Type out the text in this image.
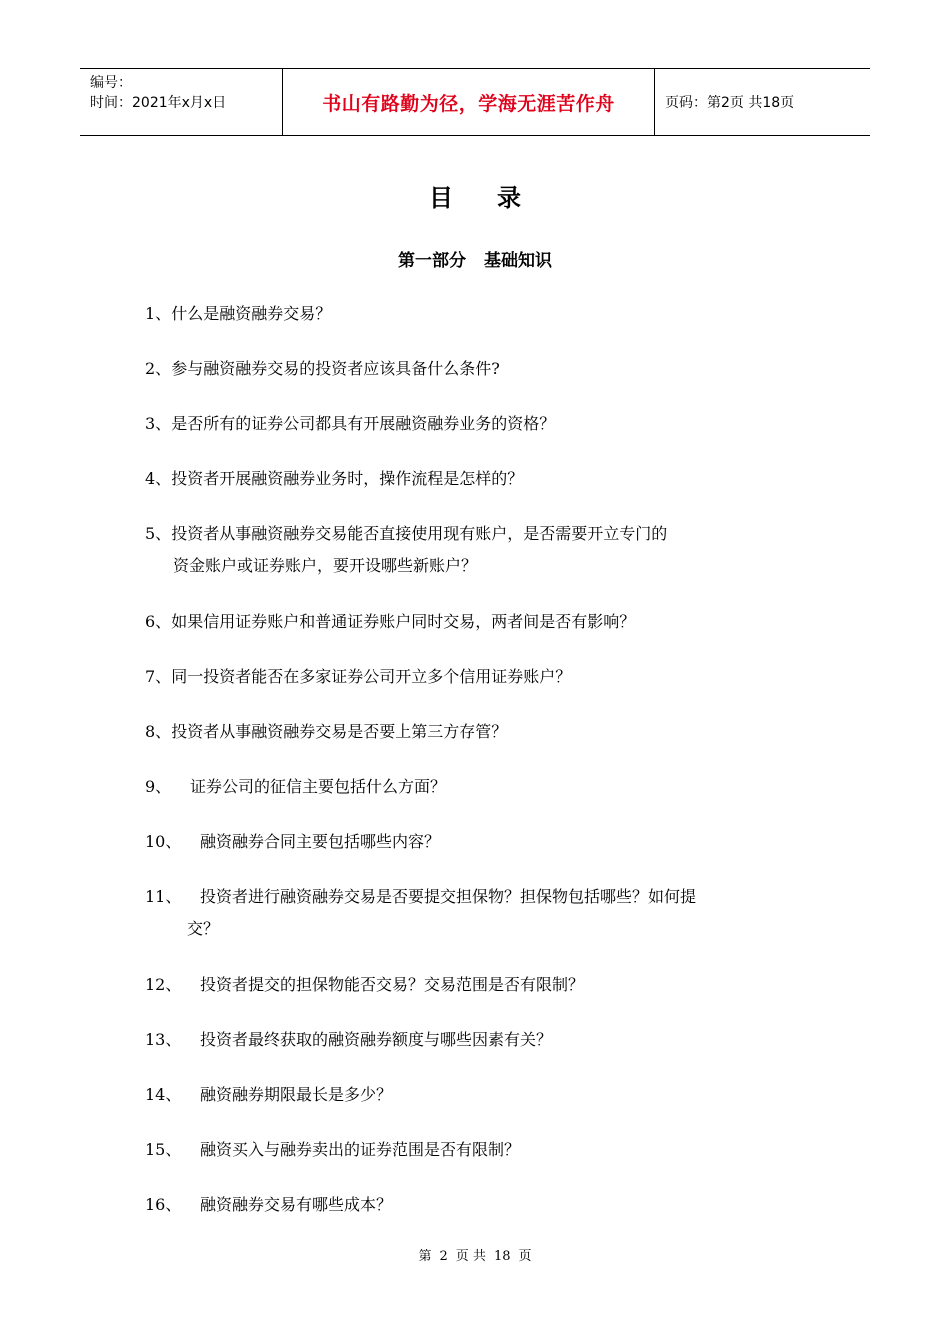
编号：
时间：2021年x月x日	书山有路勤为径，学海无涯苦作舟	页码：第2页 共18页
目录
第一部分 基础知识
1、什么是融资融券交易？
2、参与融资融券交易的投资者应该具备什么条件?
3、是否所有的证券公司都具有开展融资融券业务的资格？
4、投资者开展融资融券业务时，操作流程是怎样的？
5、投资者从事融资融券交易能否直接使用现有账户，是否需要开立专门的
资金账户或证券账户，要开设哪些新账户？
6、如果信用证券账户和普通证券账户同时交易，两者间是否有影响？
7、同一投资者能否在多家证券公司开立多个信用证券账户？
8、投资者从事融资融券交易是否要上第三方存管？
9、 证券公司的征信主要包括什么方面？
10、 融资融券合同主要包括哪些内容？
11、 投资者进行融资融券交易是否要提交担保物？担保物包括哪些？如何提
交？
12、 投资者提交的担保物能否交易？交易范围是否有限制？
13、 投资者最终获取的融资融券额度与哪些因素有关？
14、 融资融券期限最长是多少？
15、 融资买入与融券卖出的证券范围是否有限制？
16、 融资融券交易有哪些成本？
第 2 页 共 18 页
